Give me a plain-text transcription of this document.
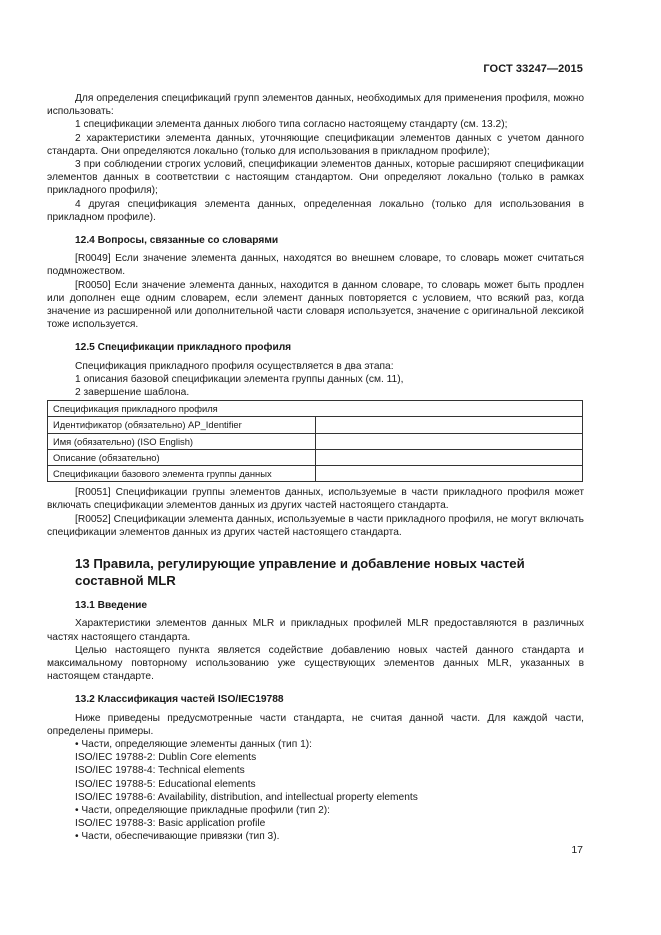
ГОСТ 33247—2015

Для определения спецификаций групп элементов данных, необходимых для применения профиля, можно использовать:

1 спецификации элемента данных любого типа согласно настоящему стандарту (см. 13.2);

2 характеристики элемента данных, уточняющие спецификации элементов данных с учетом данного стандарта. Они определяются локально (только для использования в прикладном профиле);

3 при соблюдении строгих условий, спецификации элементов данных, которые расширяют спецификации элементов данных в соответствии с настоящим стандартом. Они определяют локально (только в рамках прикладного профиля);

4 другая спецификация элемента данных, определенная локально (только для использования в прикладном профиле).

12.4 Вопросы, связанные со словарями

[R0049] Если значение элемента данных, находятся во внешнем словаре, то словарь может считаться подмножеством.

[R0050] Если значение элемента данных, находится в данном словаре, то словарь может быть продлен или дополнен еще одним словарем, если элемент данных повторяется с условием, что всякий раз, когда значение из расширенной или дополнительной части словаря используется, значение с оригинальной лексикой тоже используется.

12.5 Спецификации прикладного профиля

Спецификация прикладного профиля осуществляется в два этапа:

1 описания базовой спецификации элемента группы данных (см. 11),

2 завершение шаблона.

Спецификация прикладного профиля	
Идентификатор (обязательно) AP_Identifier	
Имя (обязательно) (ISO English)	
Описание (обязательно)	
Спецификации базового элемента группы данных	

[R0051] Спецификации группы элементов данных, используемые в части прикладного профиля может включать спецификации элементов данных из других частей настоящего стандарта.

[R0052] Спецификации элемента данных, используемые в части прикладного профиля, не могут включать спецификации элементов данных из других частей настоящего стандарта.

13 Правила, регулирующие управление и добавление новых частей составной MLR

13.1 Введение

Характеристики элементов данных MLR и прикладных профилей MLR предоставляются в различных частях настоящего стандарта.

Целью настоящего пункта является содействие добавлению новых частей данного стандарта и максимальному повторному использованию уже существующих элементов данных MLR, указанных в настоящем стандарте.

13.2 Классификация частей ISO/IEC19788

Ниже приведены предусмотренные части стандарта, не считая данной части. Для каждой части, определены примеры.

• Части, определяющие элементы данных (тип 1):

ISO/IEC 19788-2: Dublin Core elements

ISO/IEC 19788-4: Technical elements

ISO/IEC 19788-5: Educational elements

ISO/IEC 19788-6: Availability, distribution, and intellectual property elements

• Части, определяющие прикладные профили (тип 2):

ISO/IEC 19788-3: Basic application profile

• Части, обеспечивающие привязки (тип 3).

17
